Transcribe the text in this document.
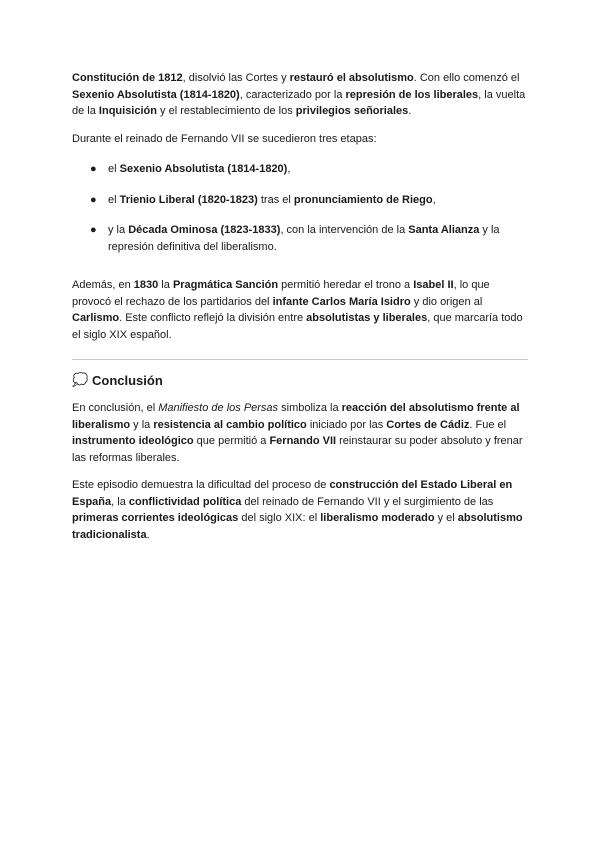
Constitución de 1812, disolvió las Cortes y restauró el absolutismo. Con ello comenzó el Sexenio Absolutista (1814-1820), caracterizado por la represión de los liberales, la vuelta de la Inquisición y el restablecimiento de los privilegios señoriales.

Durante el reinado de Fernando VII se sucedieron tres etapas:

● el Sexenio Absolutista (1814-1820),
● el Trienio Liberal (1820-1823) tras el pronunciamiento de Riego,
● y la Década Ominosa (1823-1833), con la intervención de la Santa Alianza y la represión definitiva del liberalismo.

Además, en 1830 la Pragmática Sanción permitió heredar el trono a Isabel II, lo que provocó el rechazo de los partidarios del infante Carlos María Isidro y dio origen al Carlismo. Este conflicto reflejó la división entre absolutistas y liberales, que marcaría todo el siglo XIX español.

💭 Conclusión

En conclusión, el Manifiesto de los Persas simboliza la reacción del absolutismo frente al liberalismo y la resistencia al cambio político iniciado por las Cortes de Cádiz. Fue el instrumento ideológico que permitió a Fernando VII reinstaurar su poder absoluto y frenar las reformas liberales.

Este episodio demuestra la dificultad del proceso de construcción del Estado Liberal en España, la conflictividad política del reinado de Fernando VII y el surgimiento de las primeras corrientes ideológicas del siglo XIX: el liberalismo moderado y el absolutismo tradicionalista.
